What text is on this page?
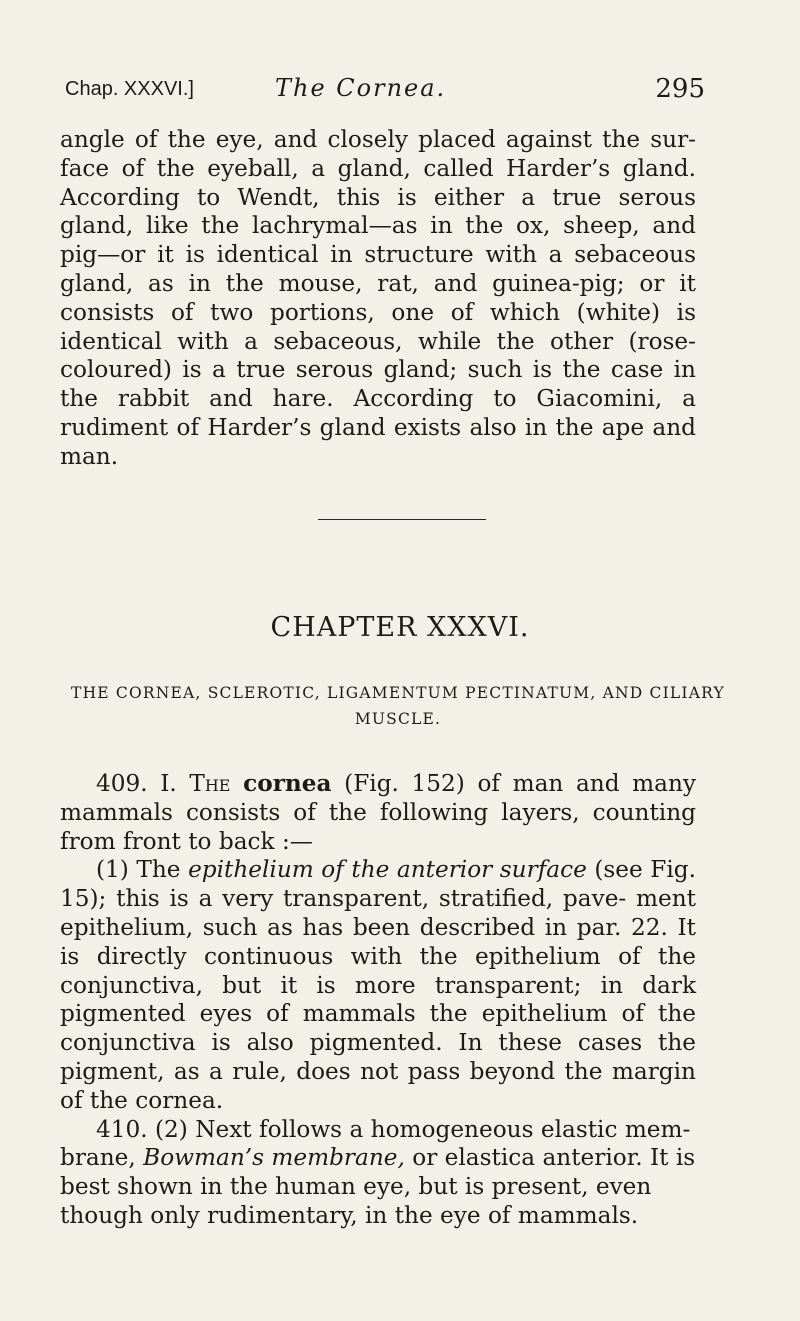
Chap. XXXVI.]	The Cornea.	295

angle of the eye, and closely placed against the sur- face of the eyeball, a gland, called Harder’s gland. According to Wendt, this is either a true serous gland, like the lachrymal—as in the ox, sheep, and pig—or it is identical in structure with a sebaceous gland, as in the mouse, rat, and guinea-pig; or it consists of two portions, one of which (white) is identical with a sebaceous, while the other (rose- coloured) is a true serous gland; such is the case in the rabbit and hare. According to Giacomini, a rudiment of Harder’s gland exists also in the ape and man.

CHAPTER XXXVI.
THE CORNEA, SCLEROTIC, LIGAMENTUM PECTINATUM, AND CILIARY MUSCLE.

409. I. The cornea (Fig. 152) of man and many mammals consists of the following layers, counting from front to back :—

(1) The epithelium of the anterior surface (see Fig. 15); this is a very transparent, stratified, pave- ment epithelium, such as has been described in par. 22. It is directly continuous with the epithelium of the conjunctiva, but it is more transparent; in dark pigmented eyes of mammals the epithelium of the conjunctiva is also pigmented. In these cases the pigment, as a rule, does not pass beyond the margin of the cornea.

410. (2) Next follows a homogeneous elastic mem- brane, Bowman’s membrane, or elastica anterior. It is best shown in the human eye, but is present, even though only rudimentary, in the eye of mammals.
